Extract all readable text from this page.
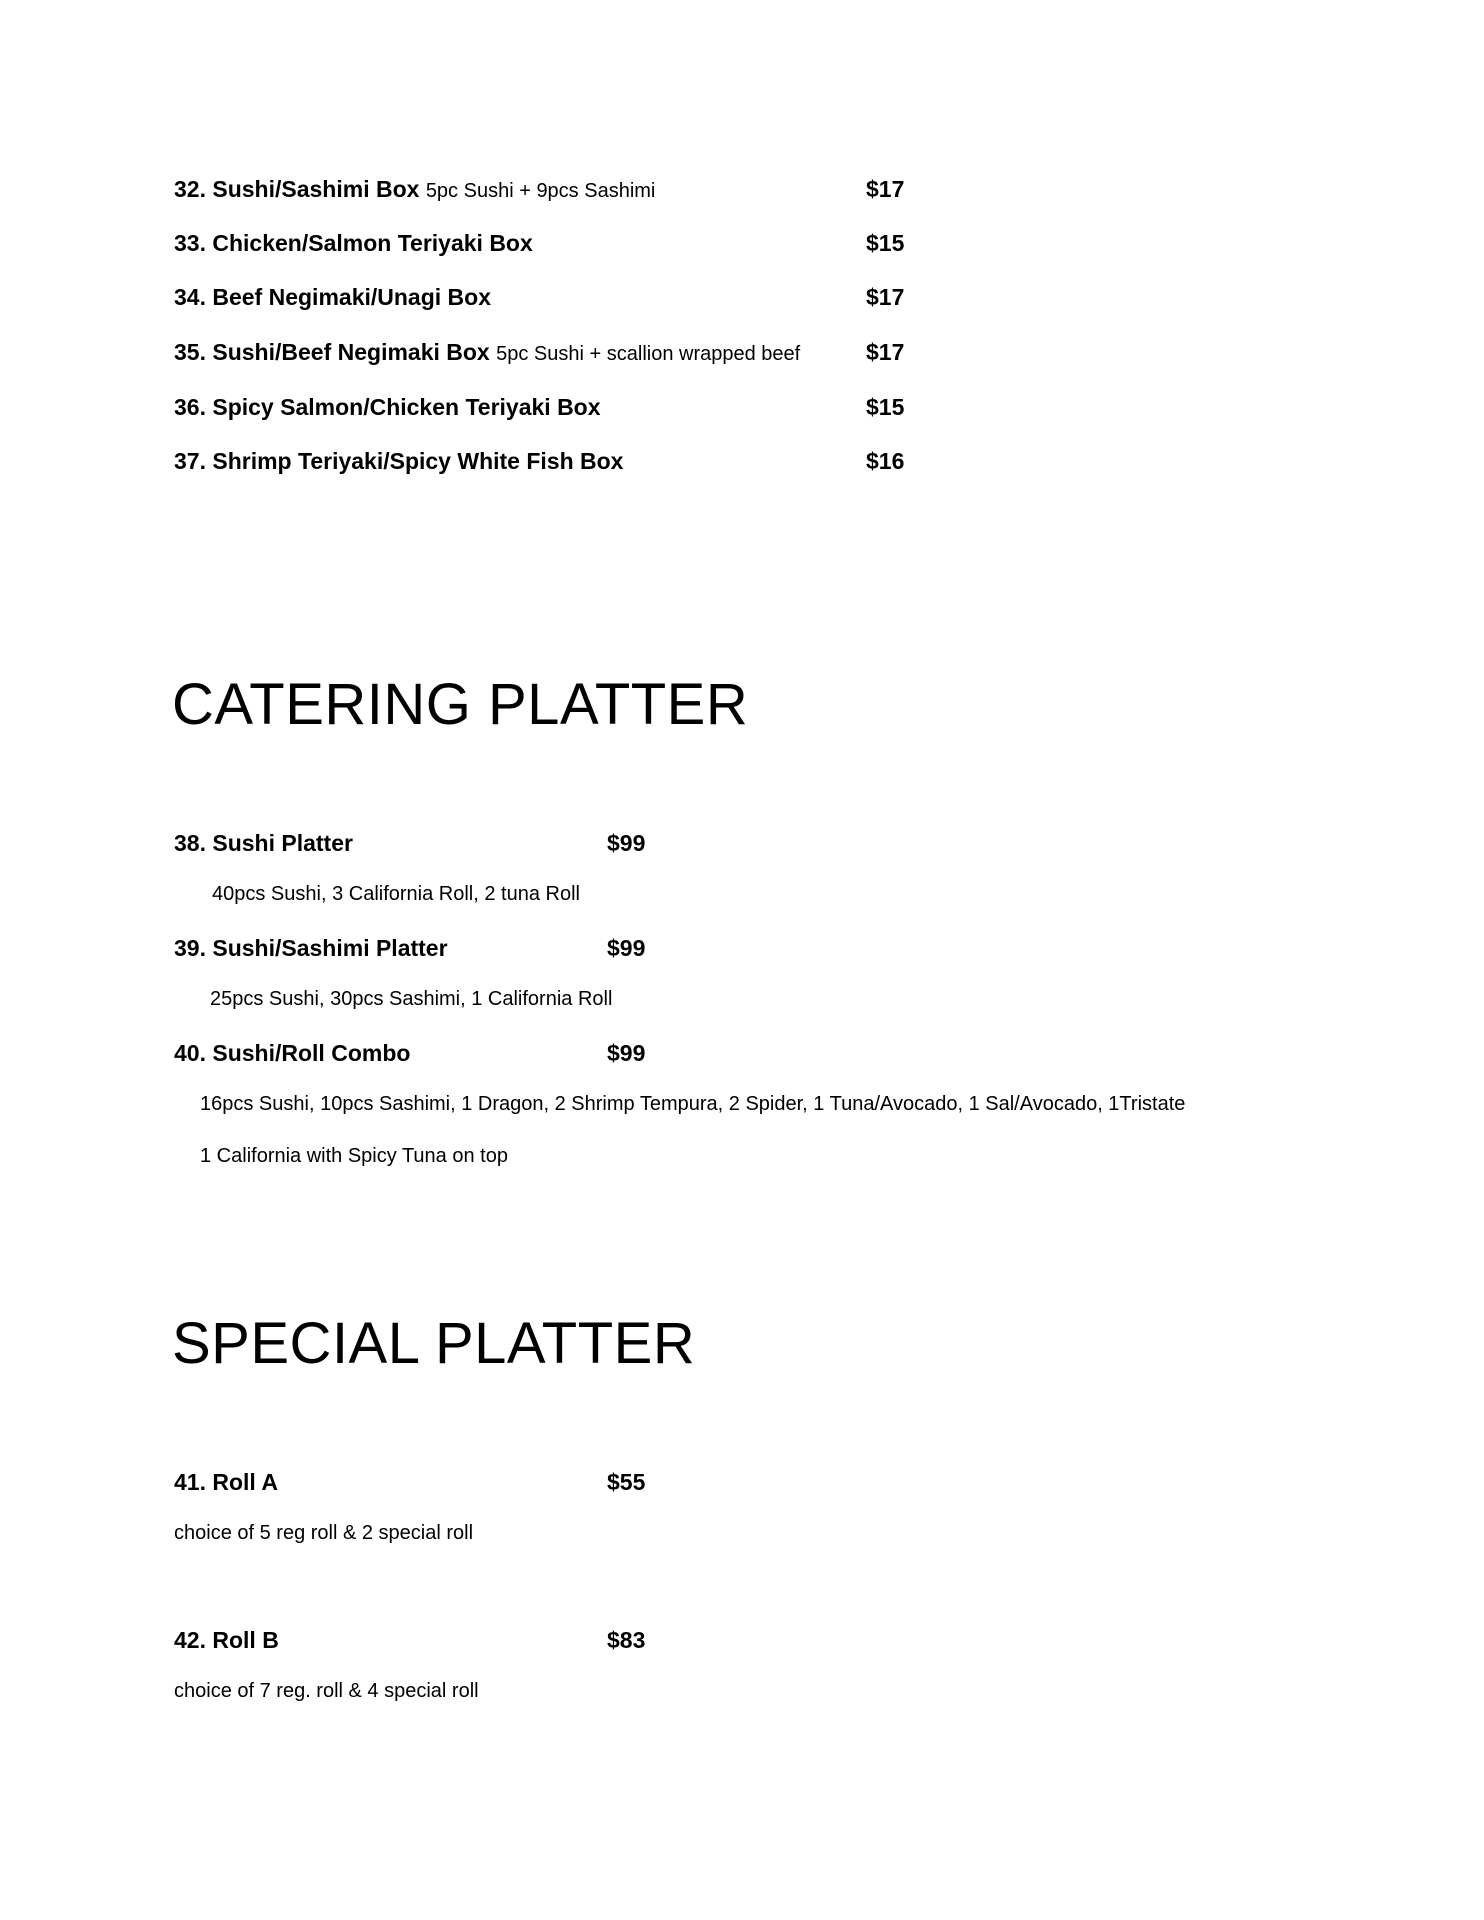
32. Sushi/Sashimi Box 5pc Sushi + 9pcs Sashimi	$17
33. Chicken/Salmon Teriyaki Box	$15
34. Beef Negimaki/Unagi Box	$17
35. Sushi/Beef Negimaki Box 5pc Sushi + scallion wrapped beef	$17
36. Spicy Salmon/Chicken Teriyaki Box	$15
37. Shrimp Teriyaki/Spicy White Fish Box	$16
CATERING PLATTER
38. Sushi Platter	$99
40pcs Sushi, 3 California Roll, 2 tuna Roll
39. Sushi/Sashimi Platter	$99
25pcs Sushi, 30pcs Sashimi, 1 California Roll
40. Sushi/Roll Combo	$99
16pcs Sushi, 10pcs Sashimi, 1 Dragon, 2 Shrimp Tempura, 2 Spider, 1 Tuna/Avocado, 1 Sal/Avocado, 1Tristate
1 California with Spicy Tuna on top
SPECIAL PLATTER
41. Roll A	$55
choice of 5 reg roll & 2 special roll
42. Roll B	$83
choice of 7 reg. roll & 4 special roll
